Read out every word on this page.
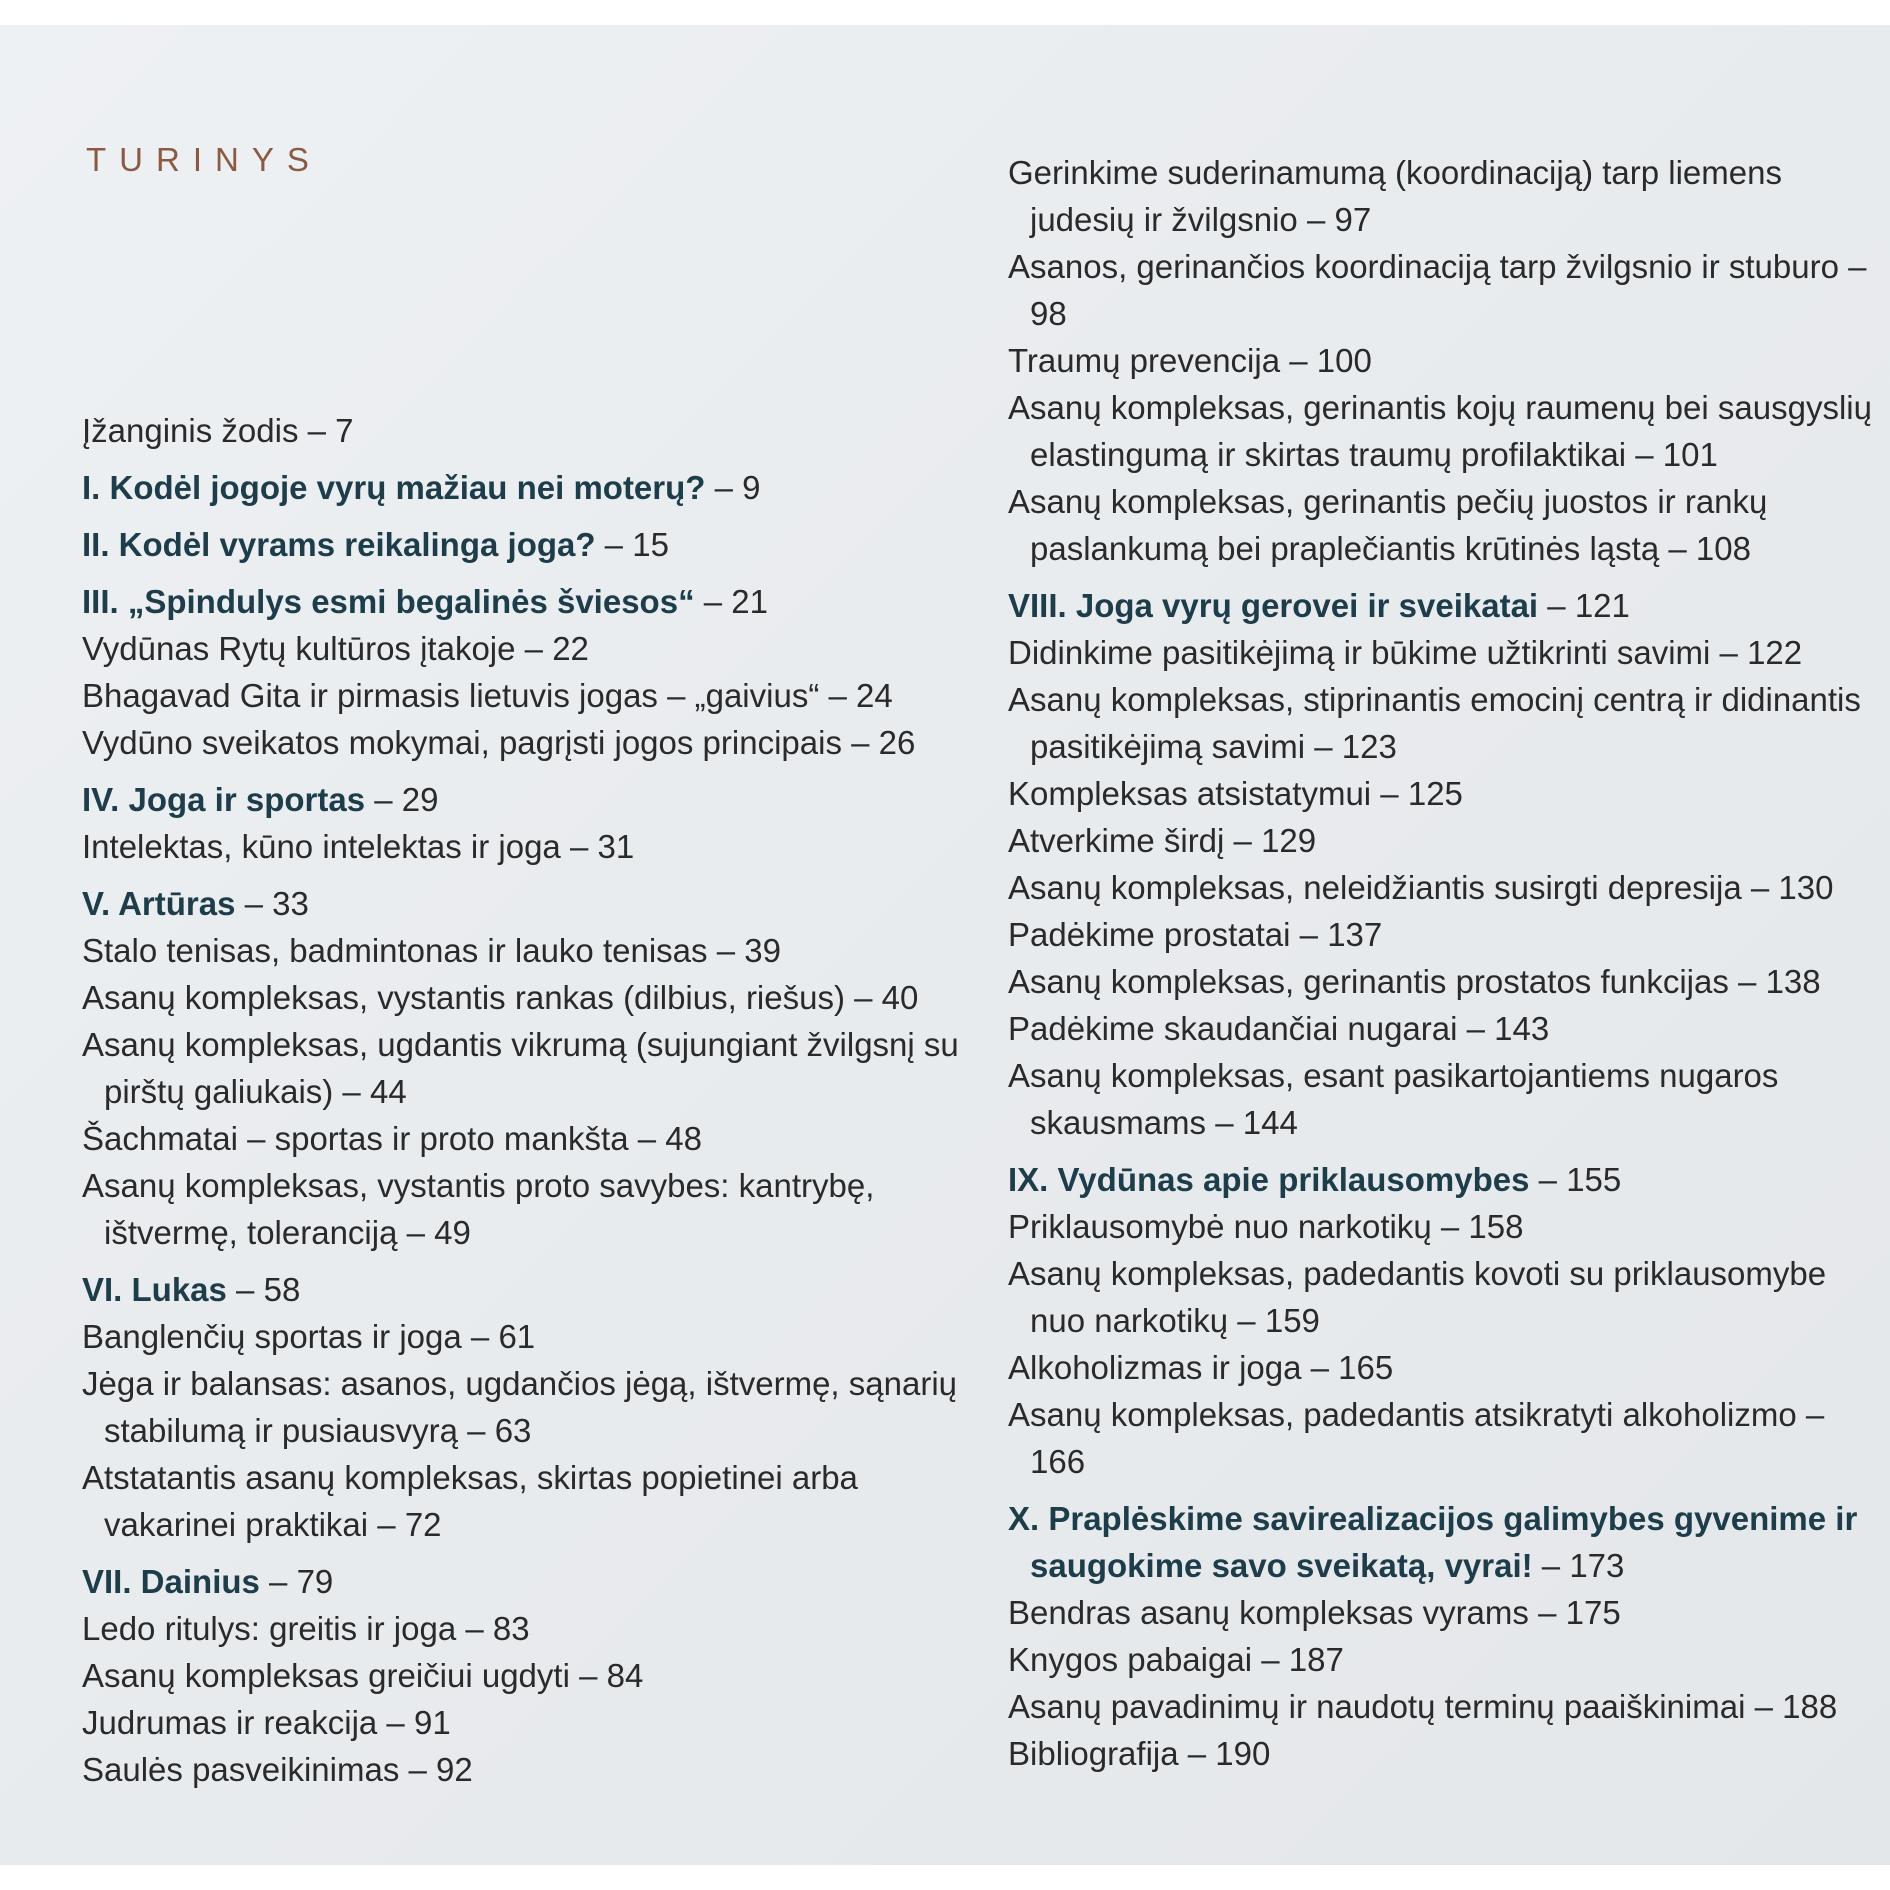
TURINYS
Įžanginis žodis – 7
I. Kodėl jogoje vyrų mažiau nei moterų? – 9
II. Kodėl vyrams reikalinga joga? – 15
III. „Spindulys esmi begalinės šviesos“ – 21
Vydūnas Rytų kultūros įtakoje – 22
Bhagavad Gita ir pirmasis lietuvis jogas – „gaivius“ – 24
Vydūno sveikatos mokymai, pagrįsti jogos principais – 26
IV. Joga ir sportas – 29
Intelektas, kūno intelektas ir joga – 31
V. Artūras – 33
Stalo tenisas, badmintonas ir lauko tenisas – 39
Asanų kompleksas, vystantis rankas (dilbius, riešus) – 40
Asanų kompleksas, ugdantis vikrumą (sujungiant žvilgsnį su pirštų galiukais) – 44
Šachmatai – sportas ir proto mankšta – 48
Asanų kompleksas, vystantis proto savybes: kantrybę, ištvermę, toleranciją – 49
VI. Lukas – 58
Banglenčių sportas ir joga – 61
Jėga ir balansas: asanos, ugdančios jėgą, ištvermę, sąnarių stabilumą ir pusiausvyrą – 63
Atstatantis asanų kompleksas, skirtas popietinei arba vakarinei praktikai – 72
VII. Dainius – 79
Ledo ritulys: greitis ir joga – 83
Asanų kompleksas greičiui ugdyti – 84
Judrumas ir reakcija – 91
Saulės pasveikinimas – 92
Gerinkime suderinamumą (koordinaciją) tarp liemens judesių ir žvilgsnio – 97
Asanos, gerinančios koordinaciją tarp žvilgsnio ir stuburo – 98
Traumų prevencija – 100
Asanų kompleksas, gerinantis kojų raumenų bei sausgyslių elastingumą ir skirtas traumų profilaktikai – 101
Asanų kompleksas, gerinantis pečių juostos ir rankų paslankumą bei praplečiantis krūtinės ląstą – 108
VIII. Joga vyrų gerovei ir sveikatai – 121
Didinkime pasitikėjimą ir būkime užtikrinti savimi – 122
Asanų kompleksas, stiprinantis emocinį centrą ir didinantis pasitikėjimą savimi – 123
Kompleksas atsistatymui – 125
Atverkime širdį – 129
Asanų kompleksas, neleidžiantis susirgti depresija – 130
Padėkime prostatai – 137
Asanų kompleksas, gerinantis prostatos funkcijas – 138
Padėkime skaudančiai nugarai – 143
Asanų kompleksas, esant pasikartojantiems nugaros skausmams – 144
IX. Vydūnas apie priklausomybes – 155
Priklausomybė nuo narkotikų – 158
Asanų kompleksas, padedantis kovoti su priklausomybe nuo narkotikų – 159
Alkoholizmas ir joga – 165
Asanų kompleksas, padedantis atsikratyti alkoholizmo – 166
X. Praplėskime savirealizacijos galimybes gyvenime ir saugokime savo sveikatą, vyrai! – 173
Bendras asanų kompleksas vyrams – 175
Knygos pabaigai – 187
Asanų pavadinimų ir naudotų terminų paaiškinimai – 188
Bibliografija – 190
